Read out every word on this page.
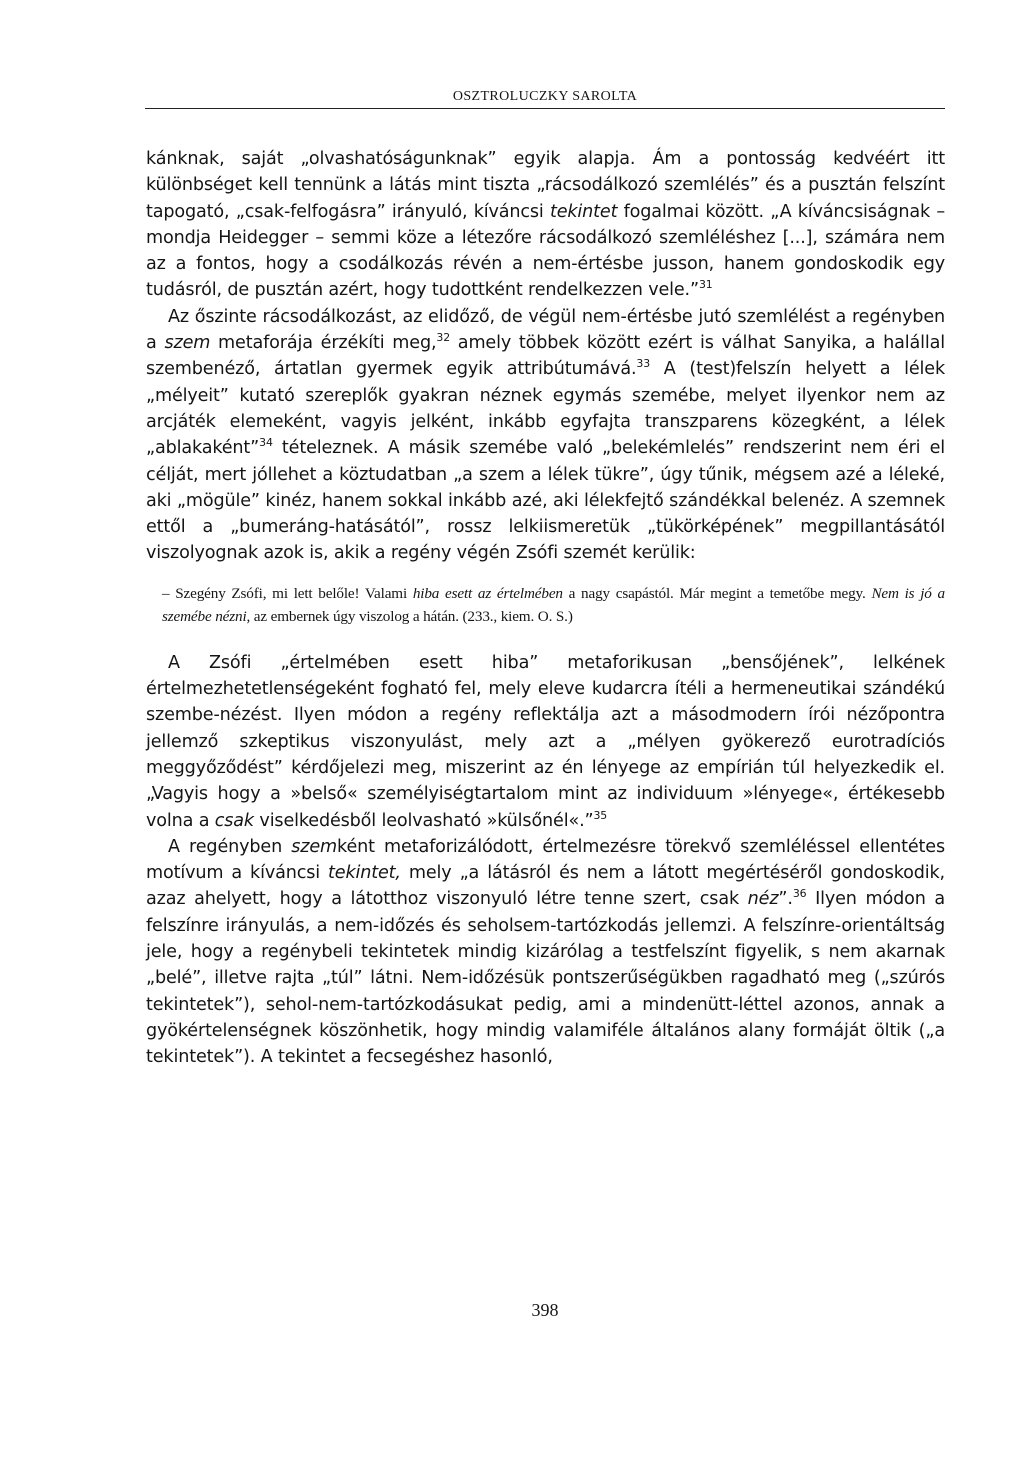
OSZTROLUCZKY SAROLTA

kánknak, saját „olvashatóságunknak” egyik alapja. Ám a pontosság kedvéért itt különbséget kell tennünk a látás mint tiszta „rácsodálkozó szemlélés” és a pusztán felszínt tapogató, „csak-felfogásra” irányuló, kíváncsi tekintet fogalmai között. „A kíváncsiságnak – mondja Heidegger – semmi köze a létezőre rácsodálkozó szemléléshez [...], számára nem az a fontos, hogy a csodálkozás révén a nem-értésbe jusson, hanem gondoskodik egy tudásról, de pusztán azért, hogy tudottként rendelkezzen vele.”$^{31}$

Az őszinte rácsodálkozást, az elidőző, de végül nem-értésbe jutó szemlélést a regényben a szem metaforája érzékíti meg,$^{32}$ amely többek között ezért is válhat Sanyika, a halállal szembenéző, ártatlan gyermek egyik attribútumává.$^{33}$ A (test)felszín helyett a lélek „mélyeit” kutató szereplők gyakran néznek egymás szemébe, melyet ilyenkor nem az arcjáték elemeként, vagyis jelként, inkább egyfajta transzparens közegként, a lélek „ablakaként”$^{34}$ tételeznek. A másik szemébe való „belekémlelés” rendszerint nem éri el célját, mert jóllehet a köztudatban „a szem a lélek tükre”, úgy tűnik, mégsem azé a léleké, aki „mögüle” kinéz, hanem sokkal inkább azé, aki lélekfejtő szándékkal belenéz. A szemnek ettől a „bumeráng-hatásától”, rossz lelkiismeretük „tükörképének” megpillantásától viszolyognak azok is, akik a regény végén Zsófi szemét kerülik:

– Szegény Zsófi, mi lett belőle! Valami hiba esett az értelmében a nagy csapástól. Már megint a temetőbe megy. Nem is jó a szemébe nézni, az embernek úgy viszolog a hátán. (233., kiem. O. S.)

A Zsófi „értelmében esett hiba” metaforikusan „bensőjének”, lelkének értelmezhetetlenségeként fogható fel, mely eleve kudarcra ítéli a hermeneutikai szándékú szembe-nézést. Ilyen módon a regény reflektálja azt a másodmodern írói nézőpontra jellemző szkeptikus viszonyulást, mely azt a „mélyen gyökerező eurotradíciós meggyőződést” kérdőjelezi meg, miszerint az én lényege az empírián túl helyezkedik el. „Vagyis hogy a »belső« személyiségtartalom mint az individuum »lényege«, értékesebb volna a csak viselkedésből leolvasható »külsőnél«.”$^{35}$

A regényben szemként metaforizálódott, értelmezésre törekvő szemléléssel ellentétes motívum a kíváncsi tekintet, mely „a látásról és nem a látott megértéséről gondoskodik, azaz ahelyett, hogy a látotthoz viszonyuló létre tenne szert, csak néz”.$^{36}$ Ilyen módon a felszínre irányulás, a nem-időzés és seholsem-tartózkodás jellemzi. A felszínre-orientáltság jele, hogy a regénybeli tekintetek mindig kizárólag a testfelszínt figyelik, s nem akarnak „belé”, illetve rajta „túl” látni. Nem-időzésük pontszerűségükben ragadható meg („szúrós tekintetek”), sehol-nem-tartózkodásukat pedig, ami a mindenütt-léttel azonos, annak a gyökértelenségnek köszönhetik, hogy mindig valamiféle általános alany formáját öltik („a tekintetek”). A tekintet a fecsegéshez hasonló,

398
